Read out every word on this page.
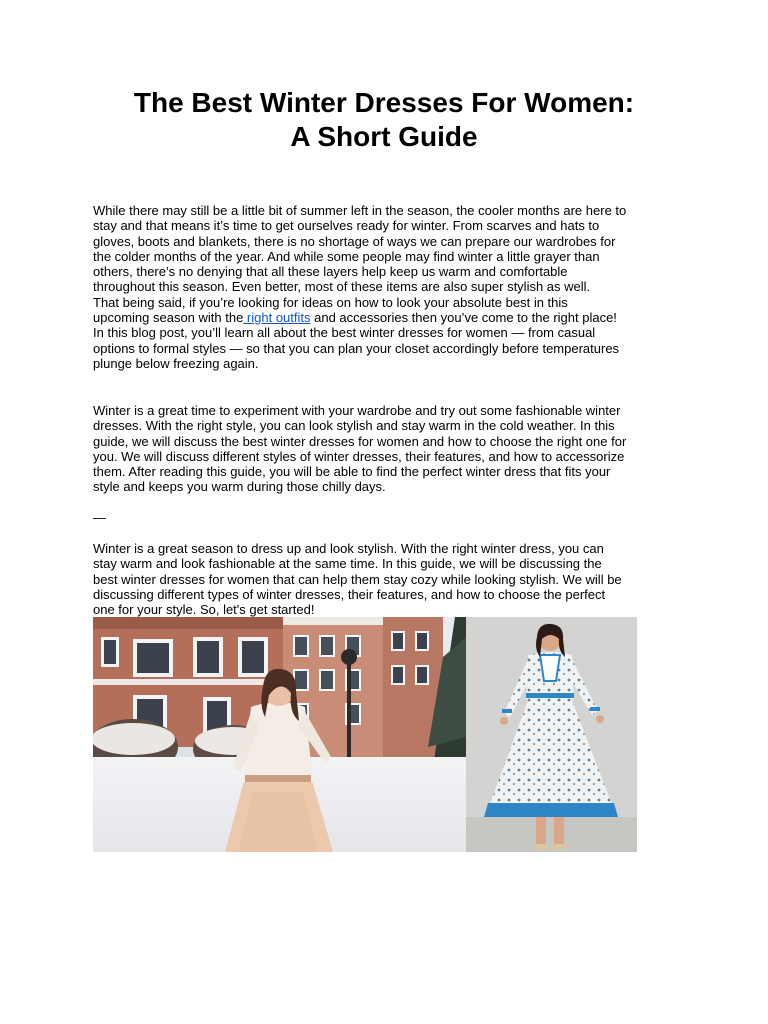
The Best Winter Dresses For Women:
A Short Guide

While there may still be a little bit of summer left in the season, the cooler months are here to
stay and that means it’s time to get ourselves ready for winter. From scarves and hats to
gloves, boots and blankets, there is no shortage of ways we can prepare our wardrobes for
the colder months of the year. And while some people may find winter a little grayer than
others, there’s no denying that all these layers help keep us warm and comfortable
throughout this season. Even better, most of these items are also super stylish as well.
That being said, if you’re looking for ideas on how to look your absolute best in this
upcoming season with the right outfits and accessories then you’ve come to the right place!
In this blog post, you’ll learn all about the best winter dresses for women — from casual
options to formal styles — so that you can plan your closet accordingly before temperatures
plunge below freezing again.

Winter is a great time to experiment with your wardrobe and try out some fashionable winter
dresses. With the right style, you can look stylish and stay warm in the cold weather. In this
guide, we will discuss the best winter dresses for women and how to choose the right one for
you. We will discuss different styles of winter dresses, their features, and how to accessorize
them. After reading this guide, you will be able to find the perfect winter dress that fits your
style and keeps you warm during those chilly days.

—

Winter is a great season to dress up and look stylish. With the right winter dress, you can
stay warm and look fashionable at the same time. In this guide, we will be discussing the
best winter dresses for women that can help them stay cozy while looking stylish. We will be
discussing different types of winter dresses, their features, and how to choose the perfect
one for your style. So, let's get started!
